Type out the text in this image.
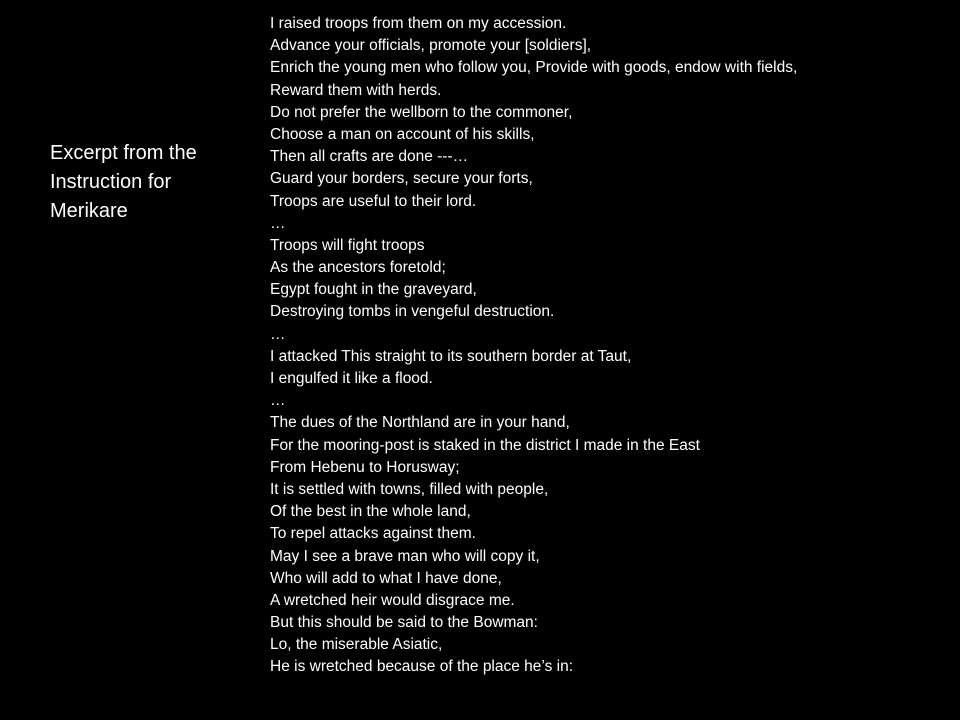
Excerpt from the
Instruction for
Merikare
I raised troops from them on my accession.
Advance your officials, promote your [soldiers],
Enrich the young men who follow you, Provide with goods, endow with fields,
Reward them with herds.
Do not prefer the wellborn to the commoner,
Choose a man on account of his skills,
Then all crafts are done ---…
Guard your borders, secure your forts,
Troops are useful to their lord.
…
Troops will fight troops
As the ancestors foretold;
Egypt fought in the graveyard,
Destroying tombs in vengeful destruction.
…
I attacked This straight to its southern border at Taut,
I engulfed it like a flood.
…
The dues of the Northland are in your hand,
For the mooring-post is staked in the district I made in the East
From Hebenu to Horusway;
It is settled with towns, filled with people,
Of the best in the whole land,
To repel attacks against them.
May I see a brave man who will copy it,
Who will add to what I have done,
A wretched heir would disgrace me.
But this should be said to the Bowman:
Lo, the miserable Asiatic,
He is wretched because of the place he’s in:
